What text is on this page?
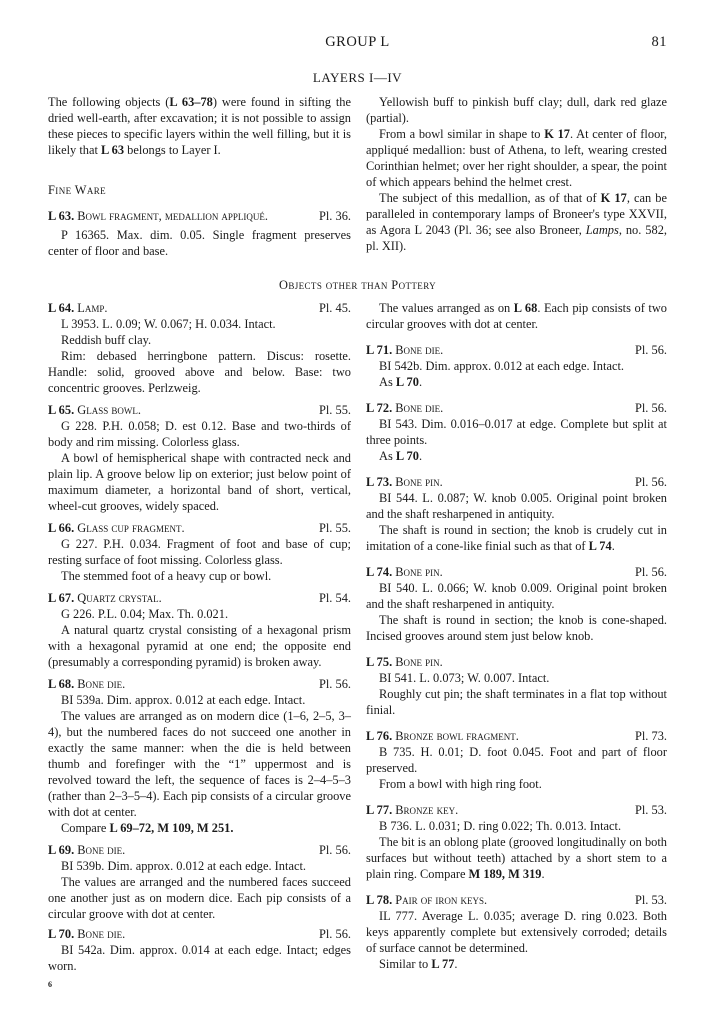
GROUP L	81
LAYERS I—IV

The following objects (L 63–78) were found in sifting the dried well-earth, after excavation; it is not possible to assign these pieces to specific layers within the well filling, but it is likely that L 63 belongs to Layer I.

Fine Ware

L 63. Bowl fragment, medallion appliqué.	Pl. 36.

P 16365. Max. dim. 0.05. Single fragment preserves center of floor and base.

Yellowish buff to pinkish buff clay; dull, dark red glaze (partial).

From a bowl similar in shape to K 17. At center of floor, appliqué medallion: bust of Athena, to left, wearing crested Corinthian helmet; over her right shoulder, a spear, the point of which appears behind the helmet crest.

The subject of this medallion, as of that of K 17, can be paralleled in contemporary lamps of Broneer's type XXVII, as Agora L 2043 (Pl. 36; see also Broneer, Lamps, no. 582, pl. XII).

Objects other than Pottery
L 64. Lamp.	Pl. 45.

L 3953. L. 0.09; W. 0.067; H. 0.034. Intact.

Reddish buff clay.

Rim: debased herringbone pattern. Discus: rosette. Handle: solid, grooved above and below. Base: two concentric grooves. Perlzweig.

L 65. Glass bowl.	Pl. 55.

G 228. P.H. 0.058; D. est 0.12. Base and two-thirds of body and rim missing. Colorless glass.

A bowl of hemispherical shape with contracted neck and plain lip. A groove below lip on exterior; just below point of maximum diameter, a horizontal band of short, vertical, wheel-cut grooves, widely spaced.

L 66. Glass cup fragment.	Pl. 55.

G 227. P.H. 0.034. Fragment of foot and base of cup; resting surface of foot missing. Colorless glass.

The stemmed foot of a heavy cup or bowl.

L 67. Quartz crystal.	Pl. 54.

G 226. P.L. 0.04; Max. Th. 0.021.

A natural quartz crystal consisting of a hexagonal prism with a hexagonal pyramid at one end; the opposite end (presumably a corresponding pyramid) is broken away.

L 68. Bone die.	Pl. 56.

BI 539a. Dim. approx. 0.012 at each edge. Intact.

The values are arranged as on modern dice (1–6, 2–5, 3–4), but the numbered faces do not succeed one another in exactly the same manner: when the die is held between thumb and forefinger with the “1” uppermost and is revolved toward the left, the sequence of faces is 2–4–5–3 (rather than 2–3–5–4). Each pip consists of a circular groove with dot at center.

Compare L 69–72, M 109, M 251.

L 69. Bone die.	Pl. 56.

BI 539b. Dim. approx. 0.012 at each edge. Intact.

The values are arranged and the numbered faces succeed one another just as on modern dice. Each pip consists of a circular groove with dot at center.

L 70. Bone die.	Pl. 56.

BI 542a. Dim. approx. 0.014 at each edge. Intact; edges worn.

The values arranged as on L 68. Each pip consists of two circular grooves with dot at center.

L 71. Bone die.	Pl. 56.

BI 542b. Dim. approx. 0.012 at each edge. Intact.

As L 70.

L 72. Bone die.	Pl. 56.

BI 543. Dim. 0.016–0.017 at edge. Complete but split at three points.

As L 70.

L 73. Bone pin.	Pl. 56.

BI 544. L. 0.087; W. knob 0.005. Original point broken and the shaft resharpened in antiquity.

The shaft is round in section; the knob is crudely cut in imitation of a cone-like finial such as that of L 74.

L 74. Bone pin.	Pl. 56.

BI 540. L. 0.066; W. knob 0.009. Original point broken and the shaft resharpened in antiquity.

The shaft is round in section; the knob is cone-shaped. Incised grooves around stem just below knob.

L 75. Bone pin.

BI 541. L. 0.073; W. 0.007. Intact.

Roughly cut pin; the shaft terminates in a flat top without finial.

L 76. Bronze bowl fragment.	Pl. 73.

B 735. H. 0.01; D. foot 0.045. Foot and part of floor preserved.

From a bowl with high ring foot.

L 77. Bronze key.	Pl. 53.

B 736. L. 0.031; D. ring 0.022; Th. 0.013. Intact.

The bit is an oblong plate (grooved longitudinally on both surfaces but without teeth) attached by a short stem to a plain ring. Compare M 189, M 319.

L 78. Pair of iron keys.	Pl. 53.

IL 777. Average L. 0.035; average D. ring 0.023. Both keys apparently complete but extensively corroded; details of surface cannot be determined.

Similar to L 77.

6
